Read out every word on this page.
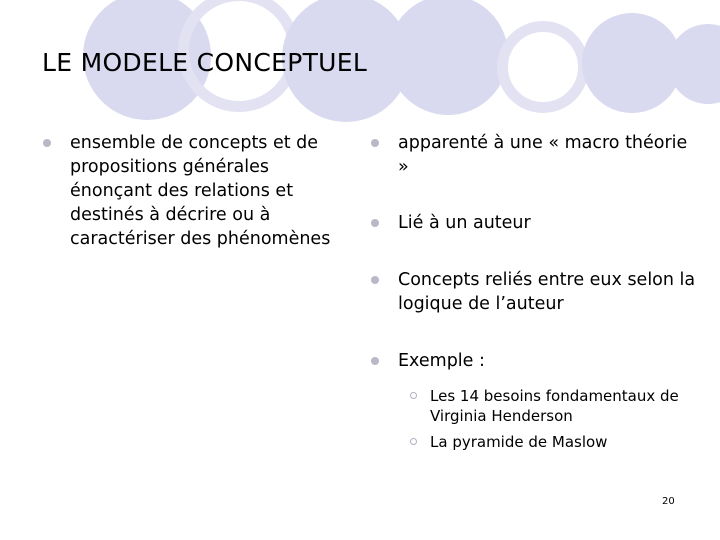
LE MODELE CONCEPTUEL
ensemble de concepts et de propositions générales énonçant des relations et destinés à décrire ou à caractériser des phénomènes
apparenté à une « macro théorie »
Lié à un auteur
Concepts reliés entre eux selon la logique de l’auteur
Exemple :
Les 14 besoins fondamentaux de Virginia Henderson
La pyramide de Maslow
20
